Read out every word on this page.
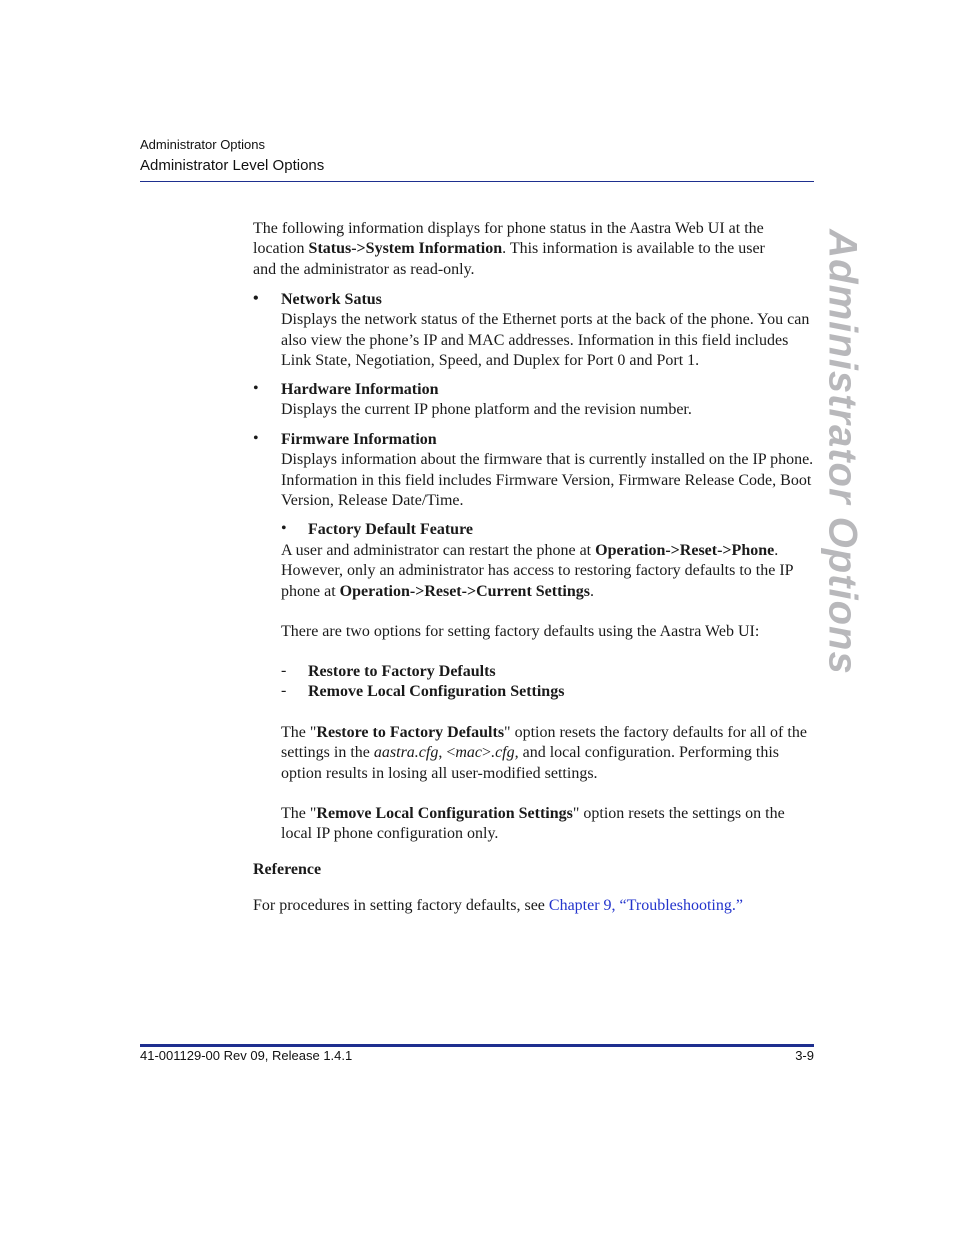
Administrator Options
Administrator Level Options
Administrator Options
The following information displays for phone status in the Aastra Web UI at the
location Status->System Information. This information is available to the user
and the administrator as read-only.
• Network Satus
Displays the network status of the Ethernet ports at the back of the phone. You can also view the phone’s IP and MAC addresses. Information in this field includes Link State, Negotiation, Speed, and Duplex for Port 0 and Port 1.
• Hardware Information
Displays the current IP phone platform and the revision number.
• Firmware Information
Displays information about the firmware that is currently installed on the IP phone. Information in this field includes Firmware Version, Firmware Release Code, Boot Version, Release Date/Time.
• Factory Default Feature
A user and administrator can restart the phone at Operation->Reset->Phone. However, only an administrator has access to restoring factory defaults to the IP phone at Operation->Reset->Current Settings.
There are two options for setting factory defaults using the Aastra Web UI:
- Restore to Factory Defaults
- Remove Local Configuration Settings
The "Restore to Factory Defaults" option resets the factory defaults for all of the settings in the aastra.cfg, <mac>.cfg, and local configuration. Performing this option results in losing all user-modified settings.
The "Remove Local Configuration Settings" option resets the settings on the local IP phone configuration only.
Reference
For procedures in setting factory defaults, see Chapter 9, “Troubleshooting.”
41-001129-00 Rev 09, Release 1.4.1	3-9
